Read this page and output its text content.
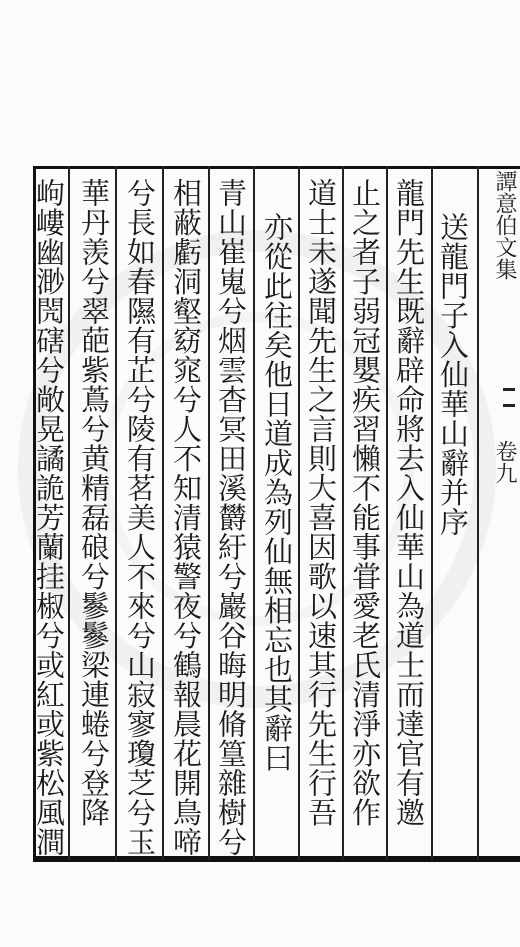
送龍門子入仙華山辭并序
龍門先生既辭辟命將去入仙華山為道士而達官有邀
止之者子弱冠嬰疾習懶不能事甞愛老氏清淨亦欲作
道士未遂聞先生之言則大喜因歌以速其行先生行吾
亦從此往矣他日道成為列仙無相忘也其辭曰
青山崔嵬兮烟雲杳冥田溪欝紆兮巖谷晦明脩篁雜樹兮
相蔽虧洞壑窈窕兮人不知清猿警夜兮鶴報晨花開鳥啼
兮長如春隰有芷兮陵有茗美人不來兮山寂寥瓊芝兮玉
華丹羡兮翠葩紫蔦兮黄精磊硠兮鬖鬖梁連蜷兮登降
岣嶁幽渺閌磍兮敞晃譎詭芳蘭挂椒兮或紅或紫松風澗	譚意伯文集
卷九
